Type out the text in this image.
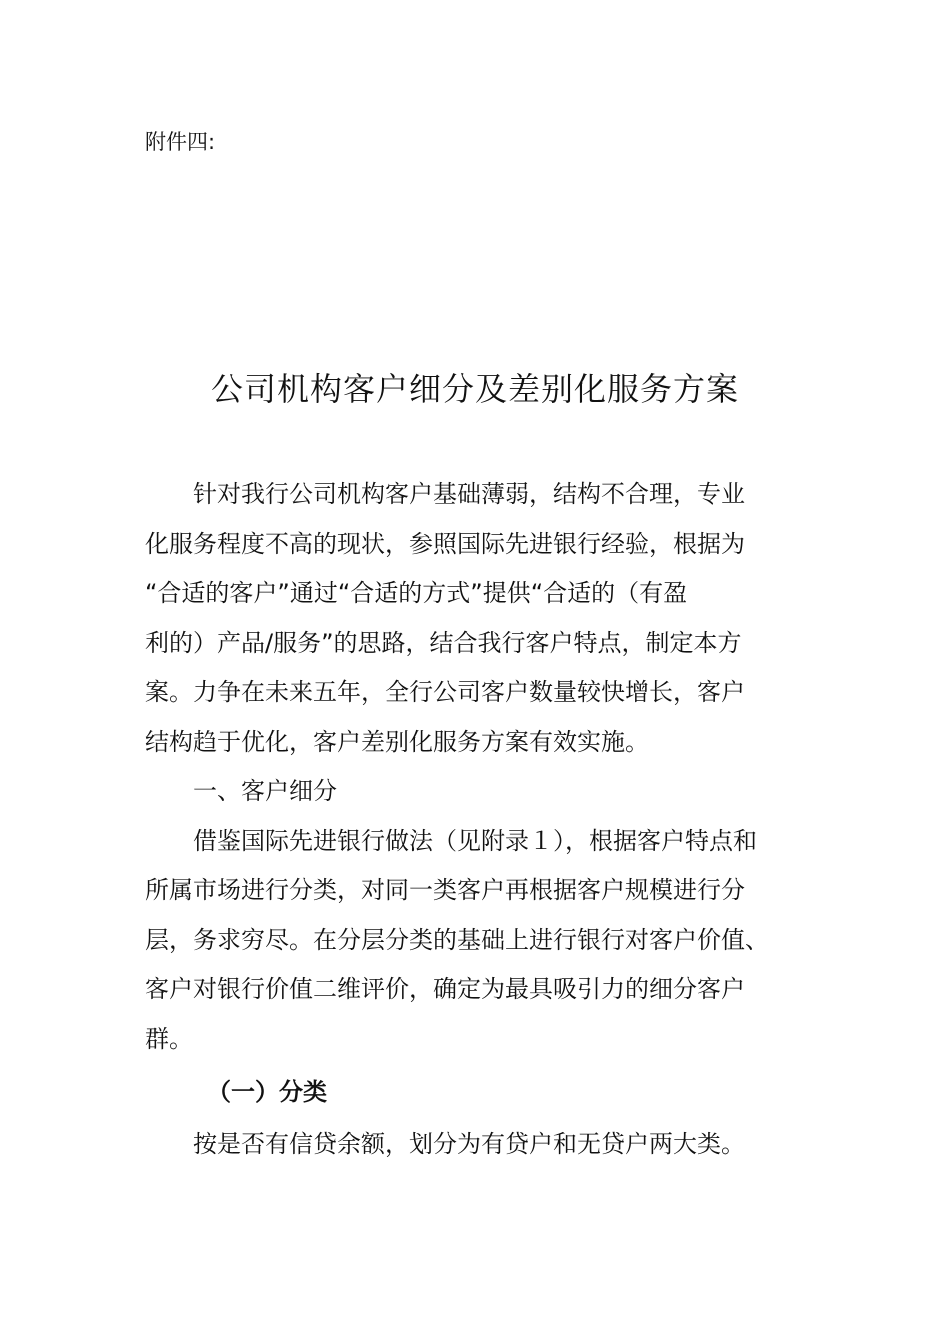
附件四:
公司机构客户细分及差别化服务方案

针对我行公司机构客户基础薄弱，结构不合理，专业
化服务程度不高的现状，参照国际先进银行经验，根据为
“合适的客户”通过“合适的方式”提供“合适的（有盈
利的）产品/服务”的思路，结合我行客户特点，制定本方
案。力争在未来五年，全行公司客户数量较快增长，客户
结构趋于优化，客户差别化服务方案有效实施。

一、客户细分

借鉴国际先进银行做法（见附录１），根据客户特点和
所属市场进行分类，对同一类客户再根据客户规模进行分
层，务求穷尽。在分层分类的基础上进行银行对客户价值、
客户对银行价值二维评价，确定为最具吸引力的细分客户
群。

（一）分类

按是否有信贷余额，划分为有贷户和无贷户两大类。
